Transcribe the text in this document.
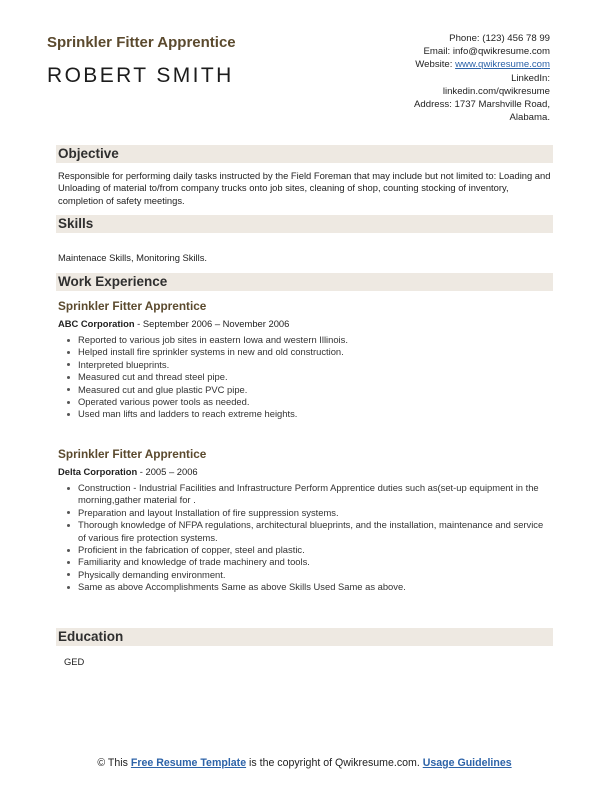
Sprinkler Fitter Apprentice
ROBERT SMITH
Phone: (123) 456 78 99
Email: info@qwikresume.com
Website: www.qwikresume.com
LinkedIn:
linkedin.com/qwikresume
Address: 1737 Marshville Road,
Alabama.
Objective
Responsible for performing daily tasks instructed by the Field Foreman that may include but not limited to: Loading and Unloading of material to/from company trucks onto job sites, cleaning of shop, counting stocking of inventory, completion of safety meetings.
Skills
Maintenace Skills, Monitoring Skills.
Work Experience
Sprinkler Fitter Apprentice
ABC Corporation - September 2006 – November 2006
Reported to various job sites in eastern Iowa and western Illinois.
Helped install fire sprinkler systems in new and old construction.
Interpreted blueprints.
Measured cut and thread steel pipe.
Measured cut and glue plastic PVC pipe.
Operated various power tools as needed.
Used man lifts and ladders to reach extreme heights.
Sprinkler Fitter Apprentice
Delta Corporation - 2005 – 2006
Construction - Industrial Facilities and Infrastructure Perform Apprentice duties such as(set-up equipment in the morning,gather material for .
Preparation and layout Installation of fire suppression systems.
Thorough knowledge of NFPA regulations, architectural blueprints, and the installation, maintenance and service of various fire protection systems.
Proficient in the fabrication of copper, steel and plastic.
Familiarity and knowledge of trade machinery and tools.
Physically demanding environment.
Same as above Accomplishments Same as above Skills Used Same as above.
Education
GED
© This Free Resume Template is the copyright of Qwikresume.com. Usage Guidelines
